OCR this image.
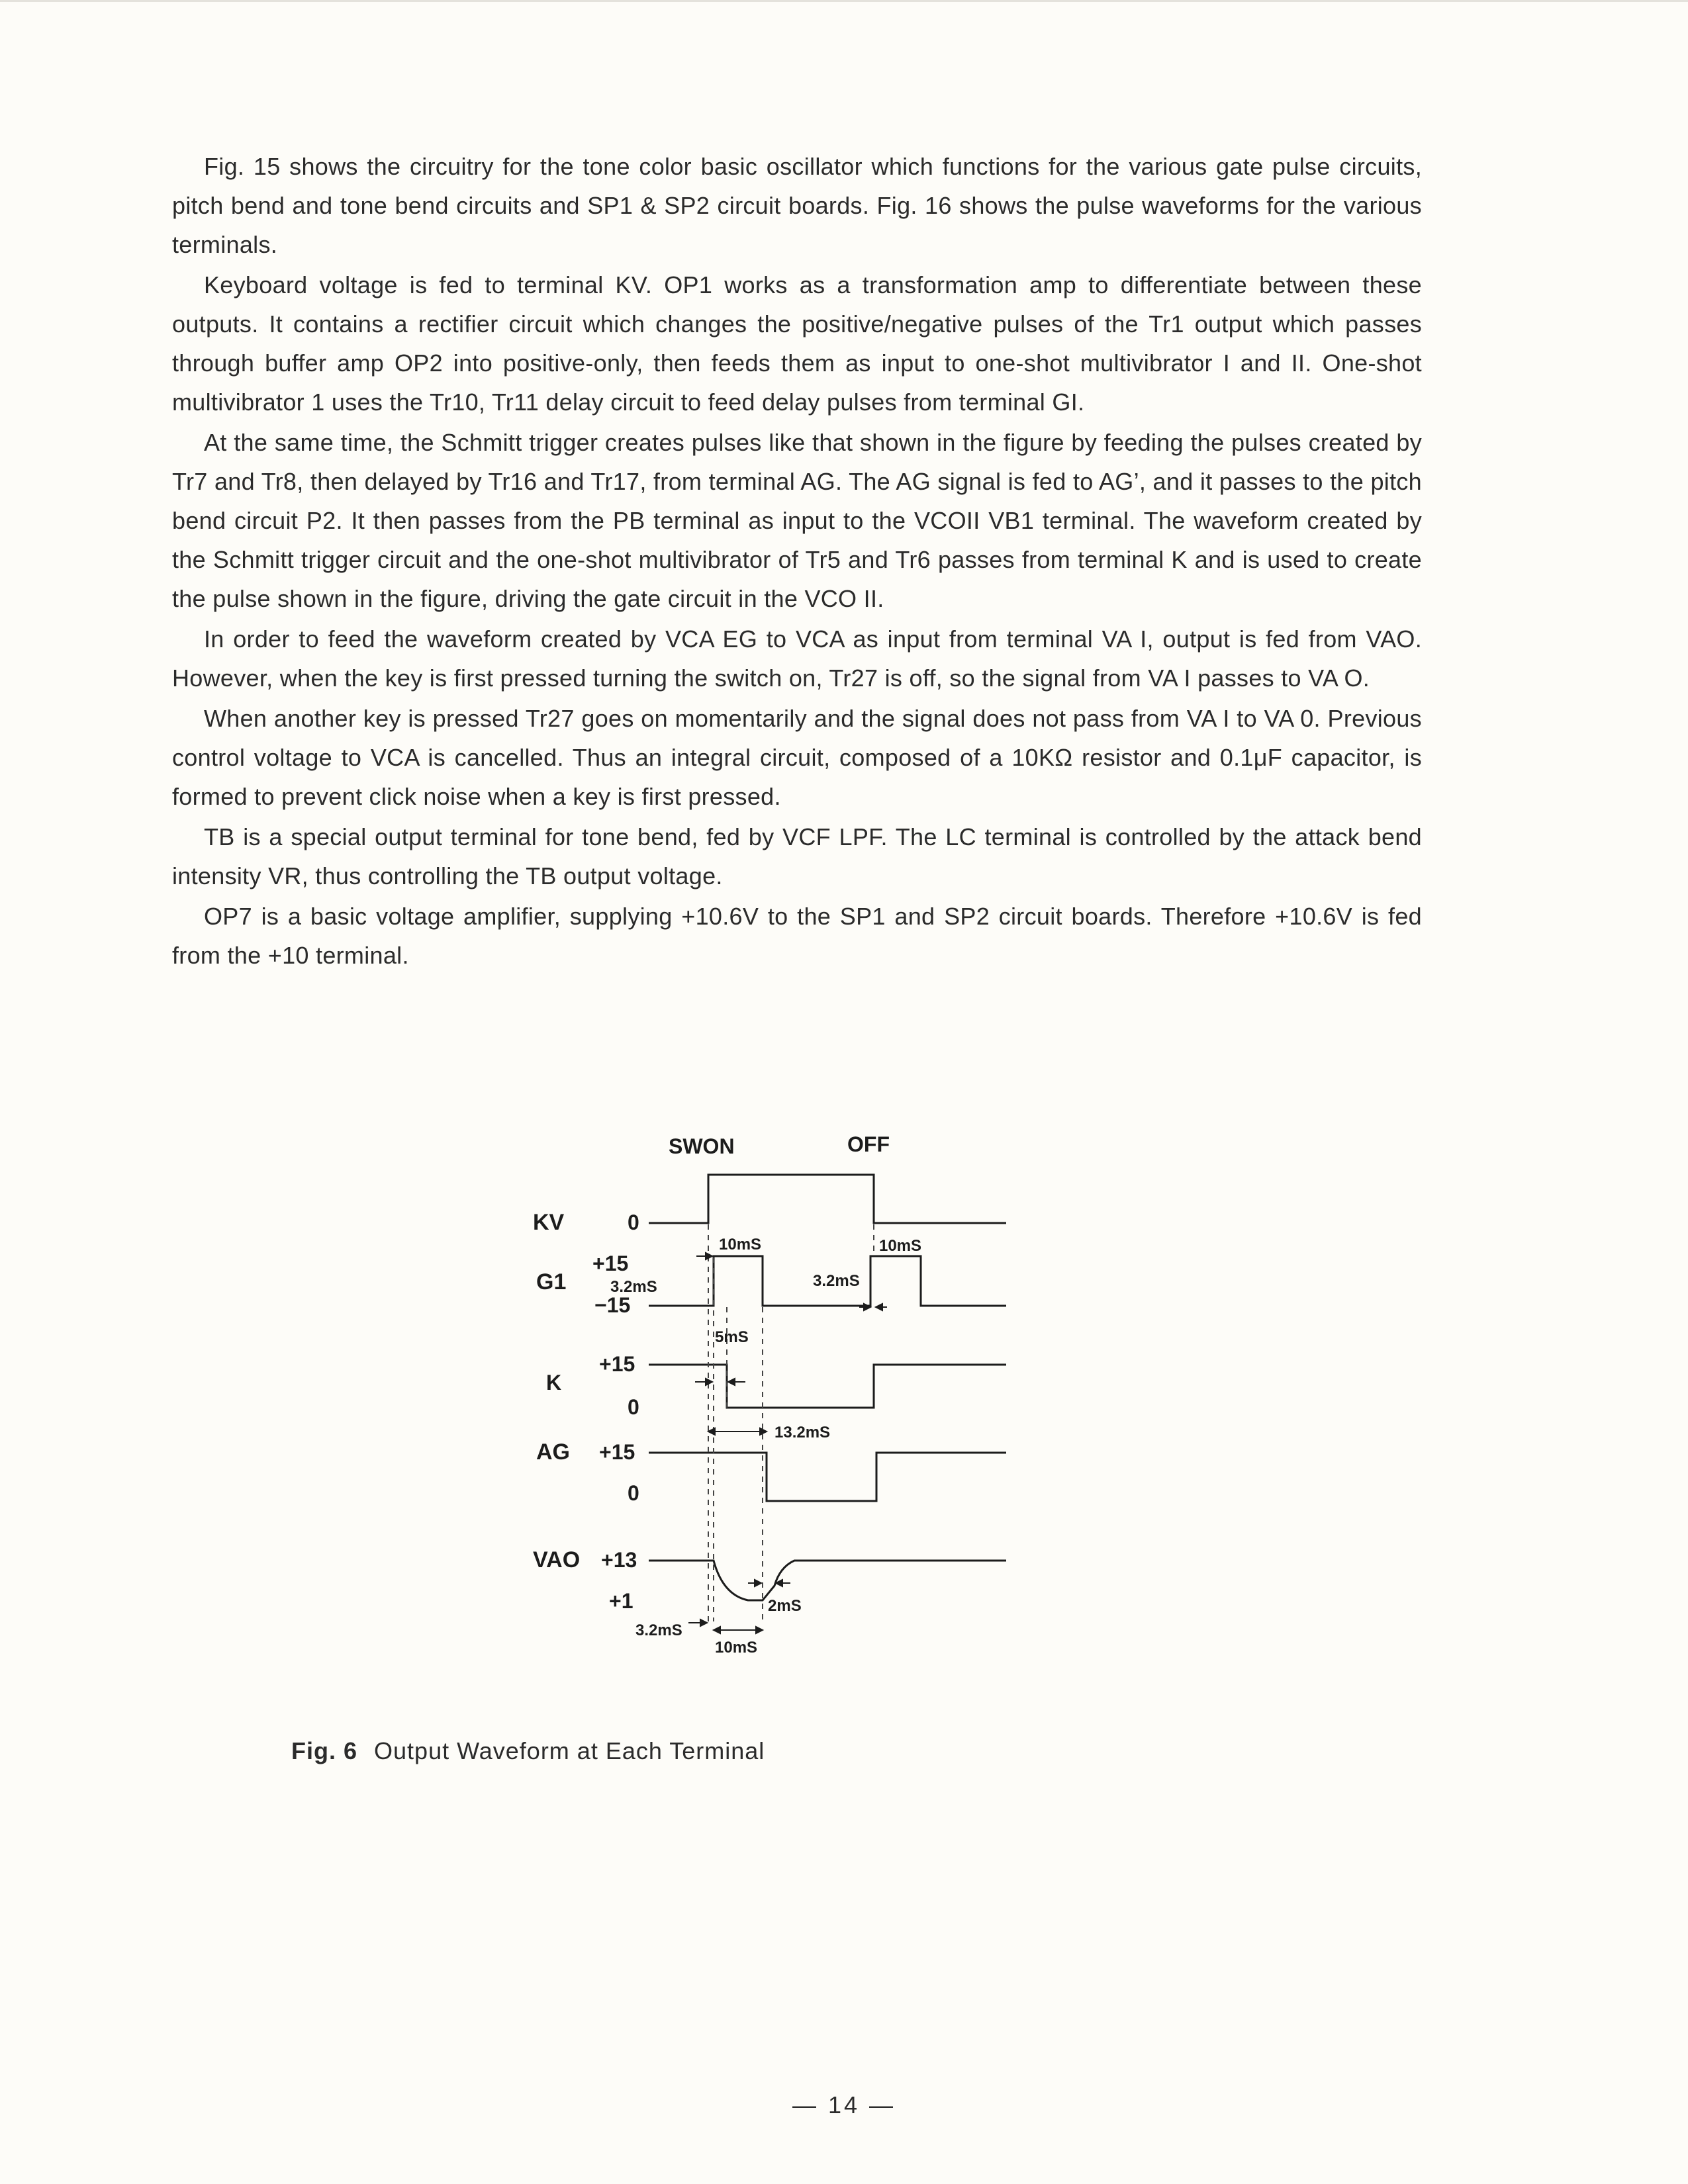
Fig. 15 shows the circuitry for the tone color basic oscillator which functions for the various gate pulse circuits, pitch bend and tone bend circuits and SP1 & SP2 circuit boards. Fig. 16 shows the pulse waveforms for the various terminals.

Keyboard voltage is fed to terminal KV. OP1 works as a transformation amp to differentiate between these outputs. It contains a rectifier circuit which changes the positive/negative pulses of the Tr1 output which passes through buffer amp OP2 into positive-only, then feeds them as input to one-shot multivibrator I and II. One-shot multivibrator 1 uses the Tr10, Tr11 delay circuit to feed delay pulses from terminal GI.

At the same time, the Schmitt trigger creates pulses like that shown in the figure by feeding the pulses created by Tr7 and Tr8, then delayed by Tr16 and Tr17, from terminal AG. The AG signal is fed to AG’, and it passes to the pitch bend circuit P2. It then passes from the PB terminal as input to the VCOII VB1 terminal. The waveform created by the Schmitt trigger circuit and the one-shot multivibrator of Tr5 and Tr6 passes from terminal K and is used to create the pulse shown in the figure, driving the gate circuit in the VCO II.

In order to feed the waveform created by VCA EG to VCA as input from terminal VA I, output is fed from VAO. However, when the key is first pressed turning the switch on, Tr27 is off, so the signal from VA I passes to VA O.

When another key is pressed Tr27 goes on momentarily and the signal does not pass from VA I to VA 0. Previous control voltage to VCA is cancelled. Thus an integral circuit, composed of a 10KΩ resistor and 0.1μF capacitor, is formed to prevent click noise when a key is first pressed.

TB is a special output terminal for tone bend, fed by VCF LPF. The LC terminal is controlled by the attack bend intensity VR, thus controlling the TB output voltage.

OP7 is a basic voltage amplifier, supplying +10.6V to the SP1 and SP2 circuit boards. Therefore +10.6V is fed from the +10 terminal.

SWON	OFF
KV
G1
K
AG
VAO
0
+15
−15
+15
0
+15
0
+13
+1
10mS
3.2mS
10mS
3.2mS
5mS
13.2mS
2mS
3.2mS
10mS
Fig. 6 Output Waveform at Each Terminal
— 14 —
